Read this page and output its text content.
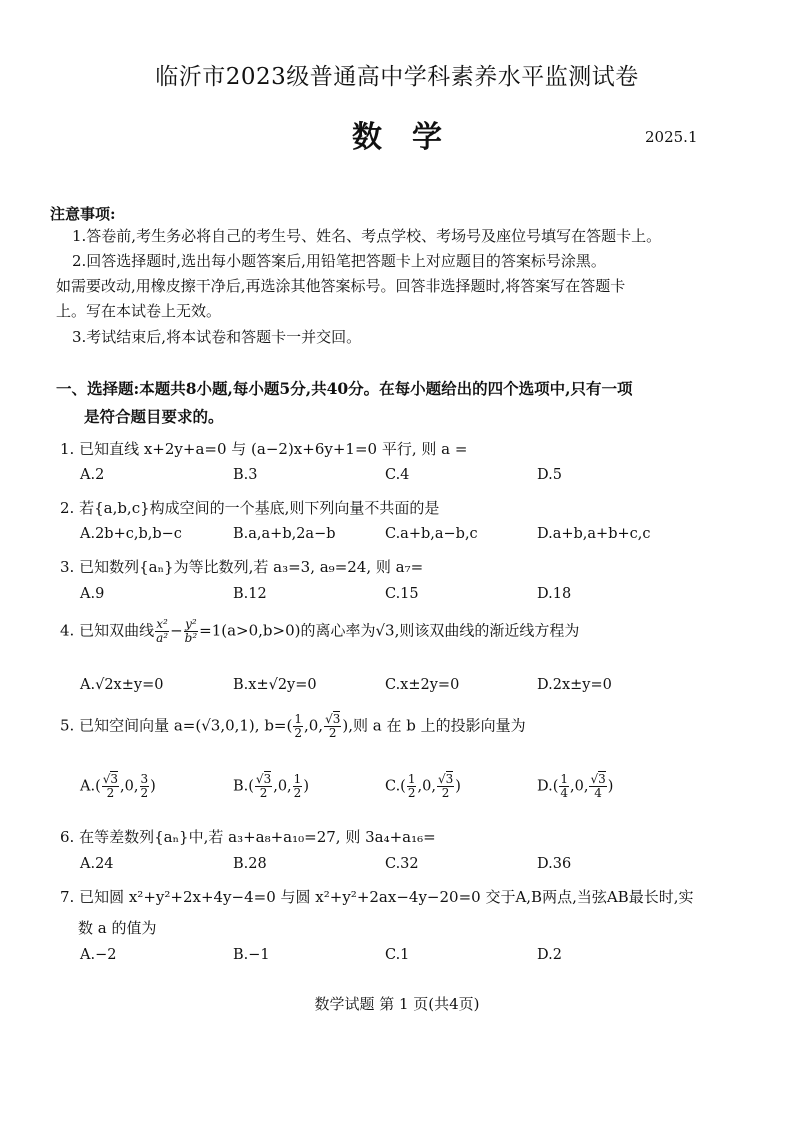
临沂市2023级普通高中学科素养水平监测试卷
数学	2025.1
注意事项:
1.答卷前,考生务必将自己的考生号、姓名、考点学校、考场号及座位号填写在答题卡上。
2.回答选择题时,选出每小题答案后,用铅笔把答题卡上对应题目的答案标号涂黑。
如需要改动,用橡皮擦干净后,再选涂其他答案标号。回答非选择题时,将答案写在答题卡
上。写在本试卷上无效。
3.考试结束后,将本试卷和答题卡一并交回。
一、选择题:本题共8小题,每小题5分,共40分。在每小题给出的四个选项中,只有一项
是符合题目要求的。
1. 已知直线 x+2y+a=0 与 (a−2)x+6y+1=0 平行, 则 a =
A.2	B.3	C.4	D.5
2. 若{a,b,c}构成空间的一个基底,则下列向量不共面的是
A.2b+c,b,b−c	B.a,a+b,2a−b	C.a+b,a−b,c	D.a+b,a+b+c,c
3. 已知数列{aₙ}为等比数列,若 a₃=3, a₉=24, 则 a₇=
A.9	B.12	C.15	D.18
4. 已知双曲线 $\frac{\text{x²}}{\text{a²}} - \frac{\text{y²}}{\text{b²}} =1(a>0,b>0)$的离心率为√3,则该双曲线的渐近线方程为
A.√2x±y=0	B.x±√2y=0	C.x±2y=0	D.2x±y=0
5. 已知空间向量 a=(√3,0,1), $b=( \frac{1}{2} ,0$, $\frac{√3}{2}$ ),则 a 在 b 上的投影向量为
$A.( \frac{√3}{2} ,0$, $\frac{3}{2}$ )	$B.( \frac{√3}{2} ,0$, $\frac{1}{2}$ )	$C.( \frac{1}{2} ,0$, $\frac{√3}{2}$ )	$D.( \frac{1}{4} ,0$, $\frac{√3}{4}$ )
6. 在等差数列{aₙ}中,若 a₃+a₈+a₁₀=27, 则 3a₄+a₁₆=
A.24	B.28	C.32	D.36
7. 已知圆 x²+y²+2x+4y−4=0 与圆 x²+y²+2ax−4y−20=0 交于A,B两点,当弦AB最长时,实
数 a 的值为
A.−2	B.−1	C.1	D.2
数学试题 第 1 页(共4页)
